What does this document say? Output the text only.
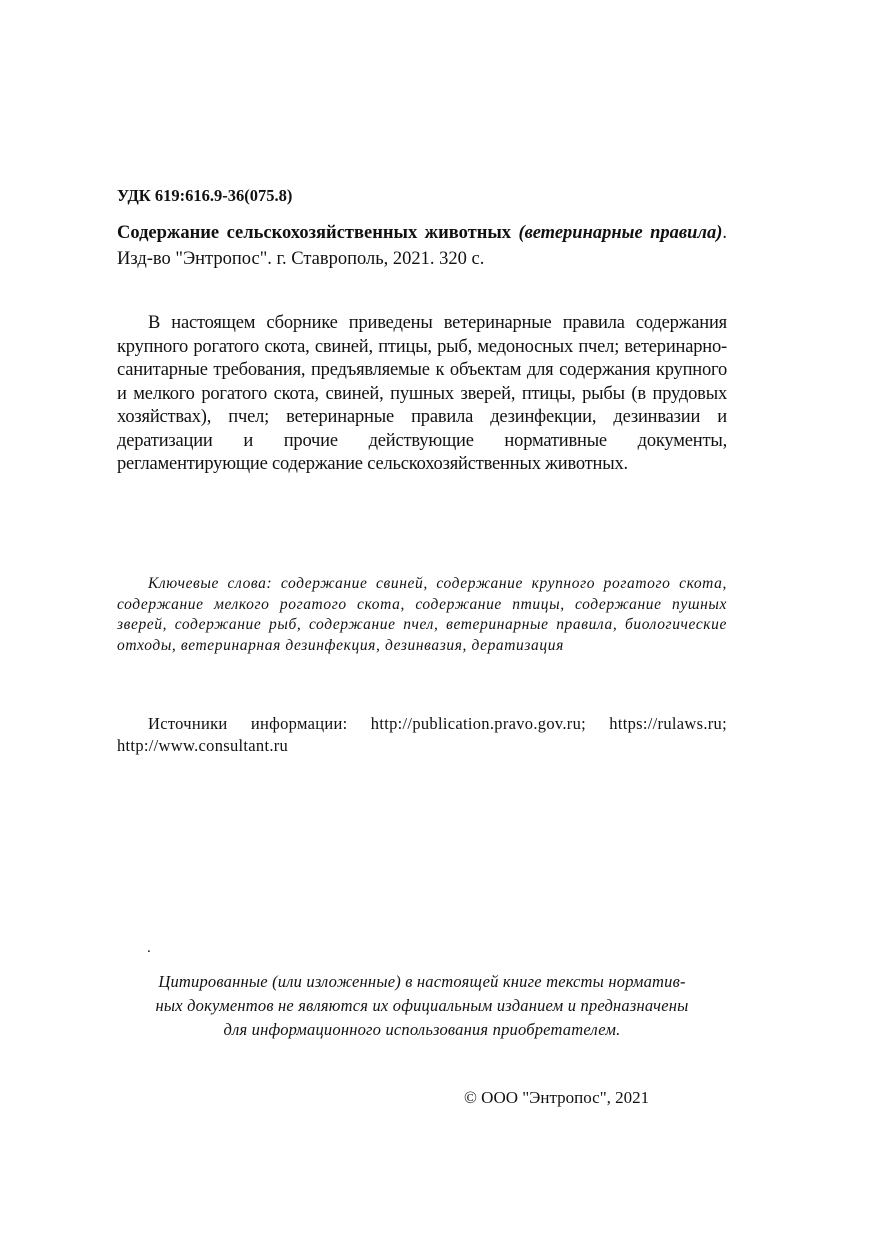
УДК 619:616.9-36(075.8)
Содержание сельскохозяйственных животных (ветеринарные правила). Изд-во "Энтропос". г. Ставрополь, 2021. 320 с.
В настоящем сборнике приведены ветеринарные правила содержания крупного рогатого скота, свиней, птицы, рыб, медоносных пчел; ветеринарно-санитарные требования, предъявляемые к объектам для содержания крупного и мелкого рогатого скота, свиней, пушных зверей, птицы, рыбы (в прудовых хозяйствах), пчел; ветеринарные правила дезинфекции, дезинвазии и дератизации и прочие действующие нормативные документы, регламентирующие содержание сельскохозяйственных животных.
Ключевые слова: содержание свиней, содержание крупного рогатого скота, содержание мелкого рогатого скота, содержание птицы, содержание пушных зверей, содержание рыб, содержание пчел, ветеринарные правила, биологические отходы, ветеринарная дезинфекция, дезинвазия, дератизация
Источники информации: http://publication.pravo.gov.ru; https://rulaws.ru; http://www.consultant.ru
.
Цитированные (или изложенные) в настоящей книге тексты норматив-
ных документов не являются их официальным изданием и предназначены
для информационного использования приобретателем.
© ООО "Энтропос", 2021
